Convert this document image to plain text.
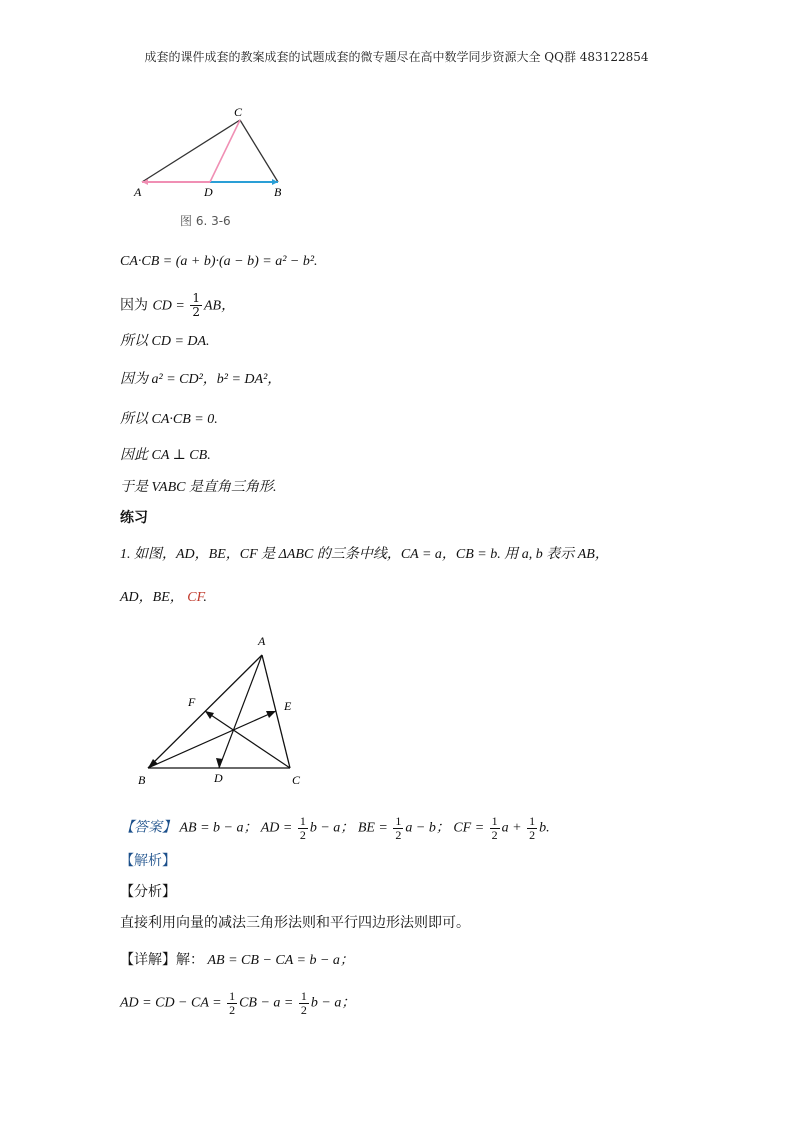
成套的课件成套的教案成套的试题成套的微专题尽在高中数学同步资源大全 QQ群 483122854
A	D	B
C
图 6. 3-6
CA·CB = (a + b)·(a − b) = a² − b².
因为 CD = $\frac{1}{2}$ AB，
所以 CD = DA.
因为 a² = CD²，b² = DA²，
所以 CA·CB = 0.
因此 CA ⊥ CB.
于是 VABC 是直角三角形.
练习
1. 如图，AD，BE，CF 是 ΔABC 的三条中线，CA = a，CB = b. 用 a, b 表示 AB，
AD，BE， CF.
A
B	C
D
E
F
【答案】 AB = b − a； AD = $\frac{1}{2}$ b − a； BE = $\frac{1}{2}$ a − b； CF = $\frac{1}{2}$ $a + \frac{1}{2} b$.
【解析】
【分析】
直接利用向量的减法三角形法则和平行四边形法则即可。
【详解】解： AB = CB − CA = b − a；
AD = CD − CA = $\frac{1}{2}$ CB − $a = \frac{1}{2}$ b − a；
